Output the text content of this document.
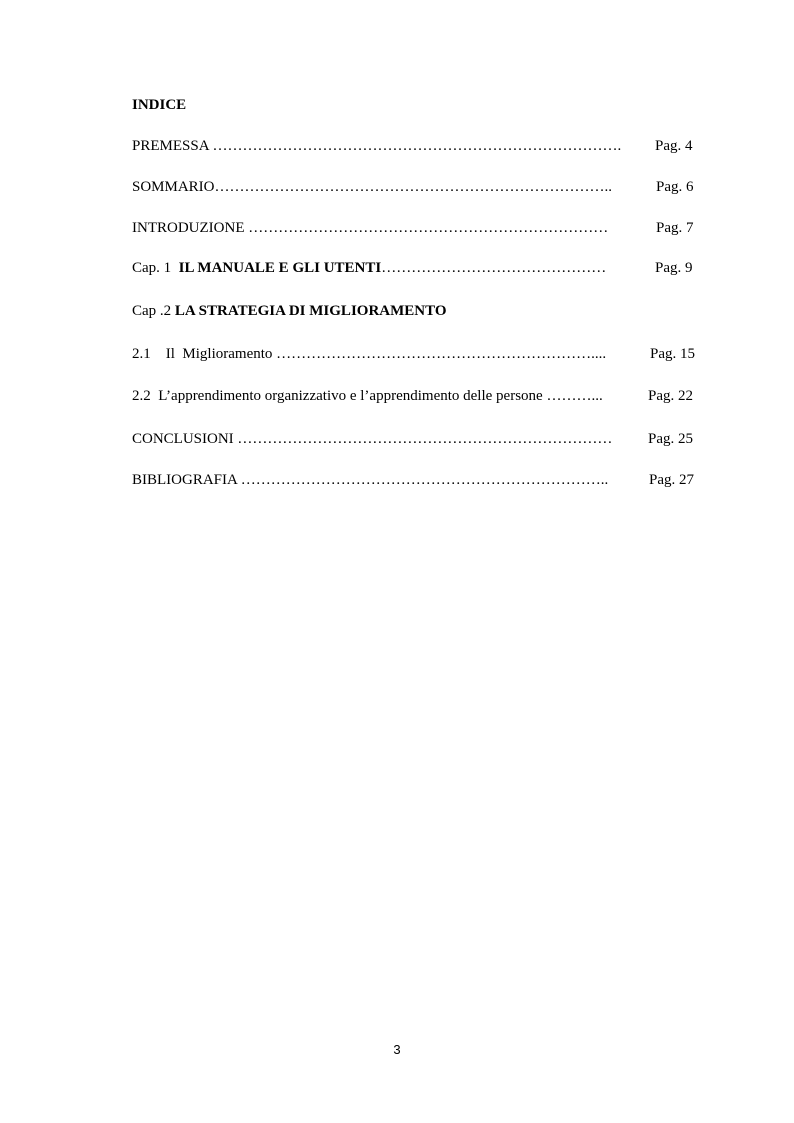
INDICE
PREMESSA ………………………………………………………………………. Pag. 4
SOMMARIO……………………………………………………………………..	Pag. 6
INTRODUZIONE ………………………………………………………………	Pag. 7
Cap. 1  IL MANUALE E GLI UTENTI………………………………………	Pag. 9
Cap .2 LA STRATEGIA DI MIGLIORAMENTO
2.1    Il  Miglioramento ………………………………………………………....	Pag. 15
2.2  L’apprendimento organizzativo e l’apprendimento delle persone ………...	Pag. 22
CONCLUSIONI ………………………………………………………………… Pag. 25
BIBLIOGRAFIA ………………………………………………………………..	Pag. 27
3
